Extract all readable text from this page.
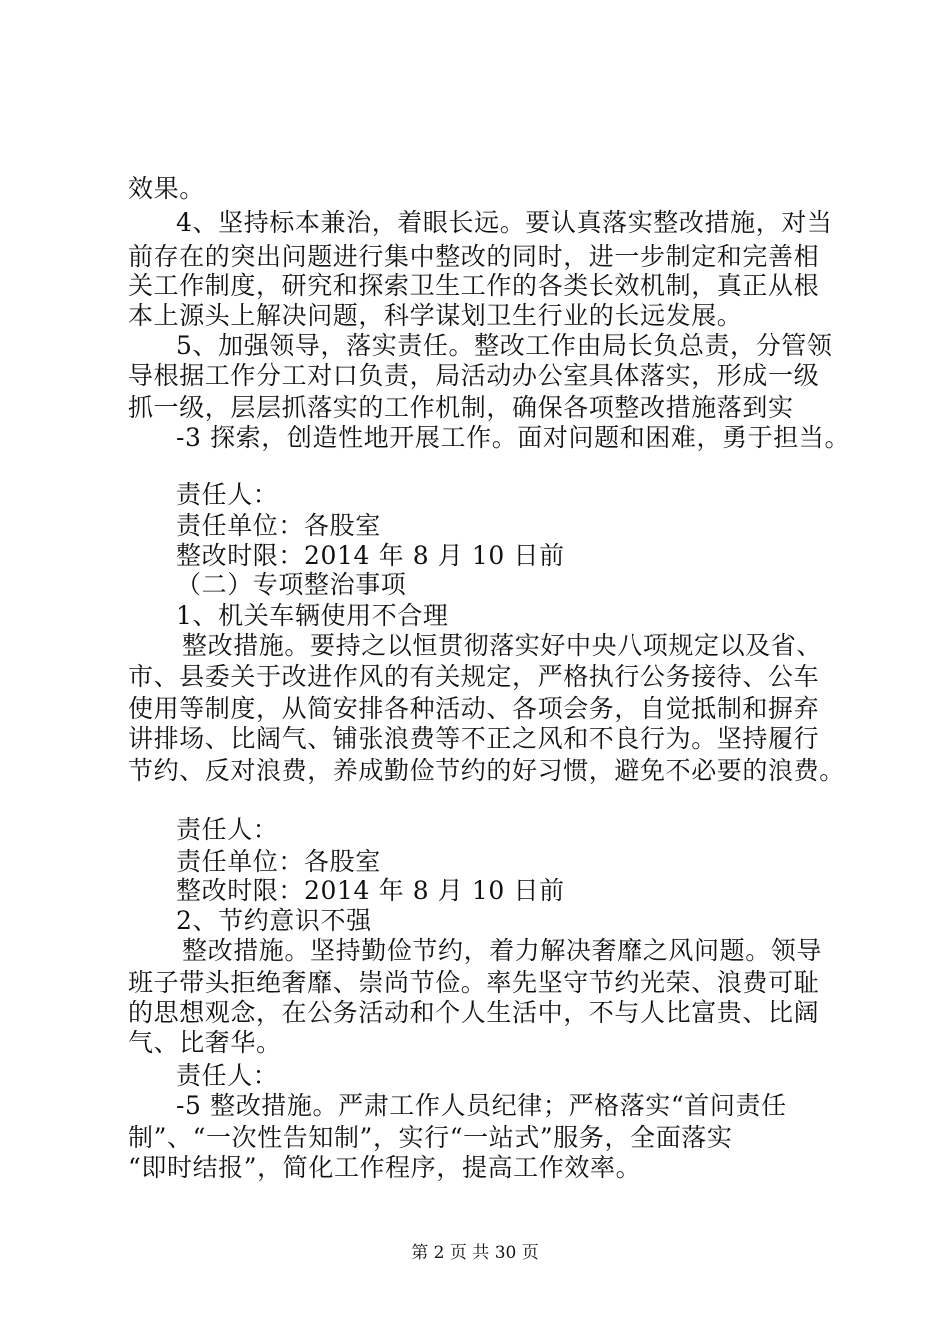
效果。
4、坚持标本兼治，着眼长远。要认真落实整改措施，对当
前存在的突出问题进行集中整改的同时，进一步制定和完善相
关工作制度，研究和探索卫生工作的各类长效机制，真正从根
本上源头上解决问题，科学谋划卫生行业的长远发展。
5、加强领导，落实责任。整改工作由局长负总责，分管领
导根据工作分工对口负责，局活动办公室具体落实，形成一级
抓一级，层层抓落实的工作机制，确保各项整改措施落到实
-3 探索，创造性地开展工作。面对问题和困难，勇于担当。
责任人：
责任单位：各股室
整改时限：2014 年 8 月 10 日前
（二）专项整治事项
1、机关车辆使用不合理
整改措施。要持之以恒贯彻落实好中央八项规定以及省、
市、县委关于改进作风的有关规定，严格执行公务接待、公车
使用等制度，从简安排各种活动、各项会务，自觉抵制和摒弃
讲排场、比阔气、铺张浪费等不正之风和不良行为。坚持履行
节约、反对浪费，养成勤俭节约的好习惯，避免不必要的浪费。
责任人：
责任单位：各股室
整改时限：2014 年 8 月 10 日前
2、节约意识不强
整改措施。坚持勤俭节约，着力解决奢靡之风问题。领导
班子带头拒绝奢靡、崇尚节俭。率先坚守节约光荣、浪费可耻
的思想观念，在公务活动和个人生活中，不与人比富贵、比阔
气、比奢华。
责任人：
-5 整改措施。严肃工作人员纪律；严格落实“首问责任
制”、“一次性告知制”，实行“一站式”服务，全面落实
“即时结报”，简化工作程序，提高工作效率。
第 2 页 共 30 页
